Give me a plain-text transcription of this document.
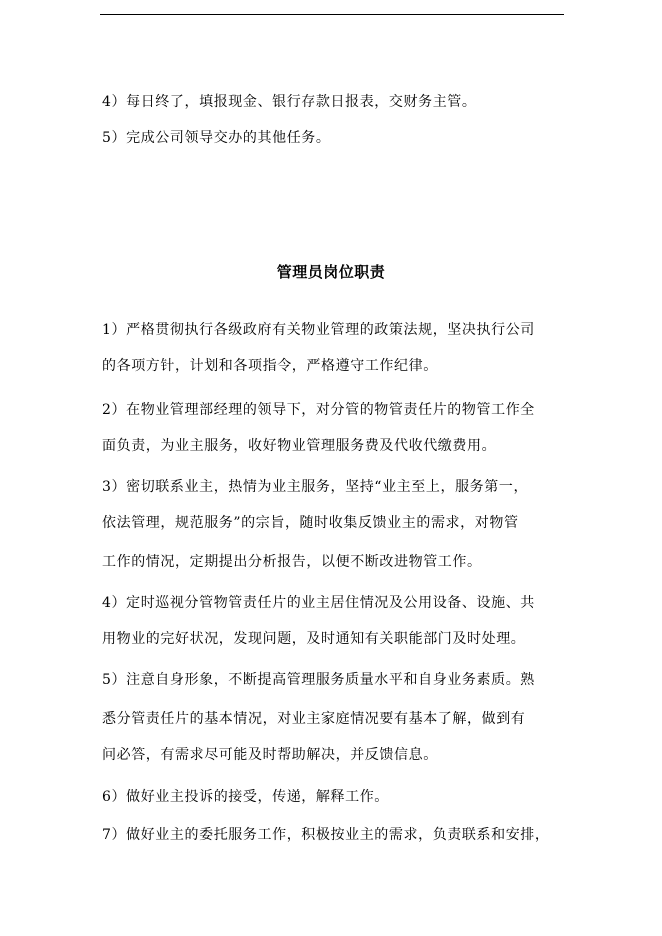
4）每日终了，填报现金、银行存款日报表，交财务主管。
5）完成公司领导交办的其他任务。
管理员岗位职责
1）严格贯彻执行各级政府有关物业管理的政策法规，坚决执行公司
的各项方针，计划和各项指令，严格遵守工作纪律。
2）在物业管理部经理的领导下，对分管的物管责任片的物管工作全
面负责，为业主服务，收好物业管理服务费及代收代缴费用。
3）密切联系业主，热情为业主服务，坚持“业主至上，服务第一，
依法管理，规范服务”的宗旨，随时收集反馈业主的需求，对物管
工作的情况，定期提出分析报告，以便不断改进物管工作。
4）定时巡视分管物管责任片的业主居住情况及公用设备、设施、共
用物业的完好状况，发现问题，及时通知有关职能部门及时处理。
5）注意自身形象，不断提高管理服务质量水平和自身业务素质。熟
悉分管责任片的基本情况，对业主家庭情况要有基本了解，做到有
问必答，有需求尽可能及时帮助解决，并反馈信息。
6）做好业主投诉的接受，传递，解释工作。
7）做好业主的委托服务工作，积极按业主的需求，负责联系和安排，
